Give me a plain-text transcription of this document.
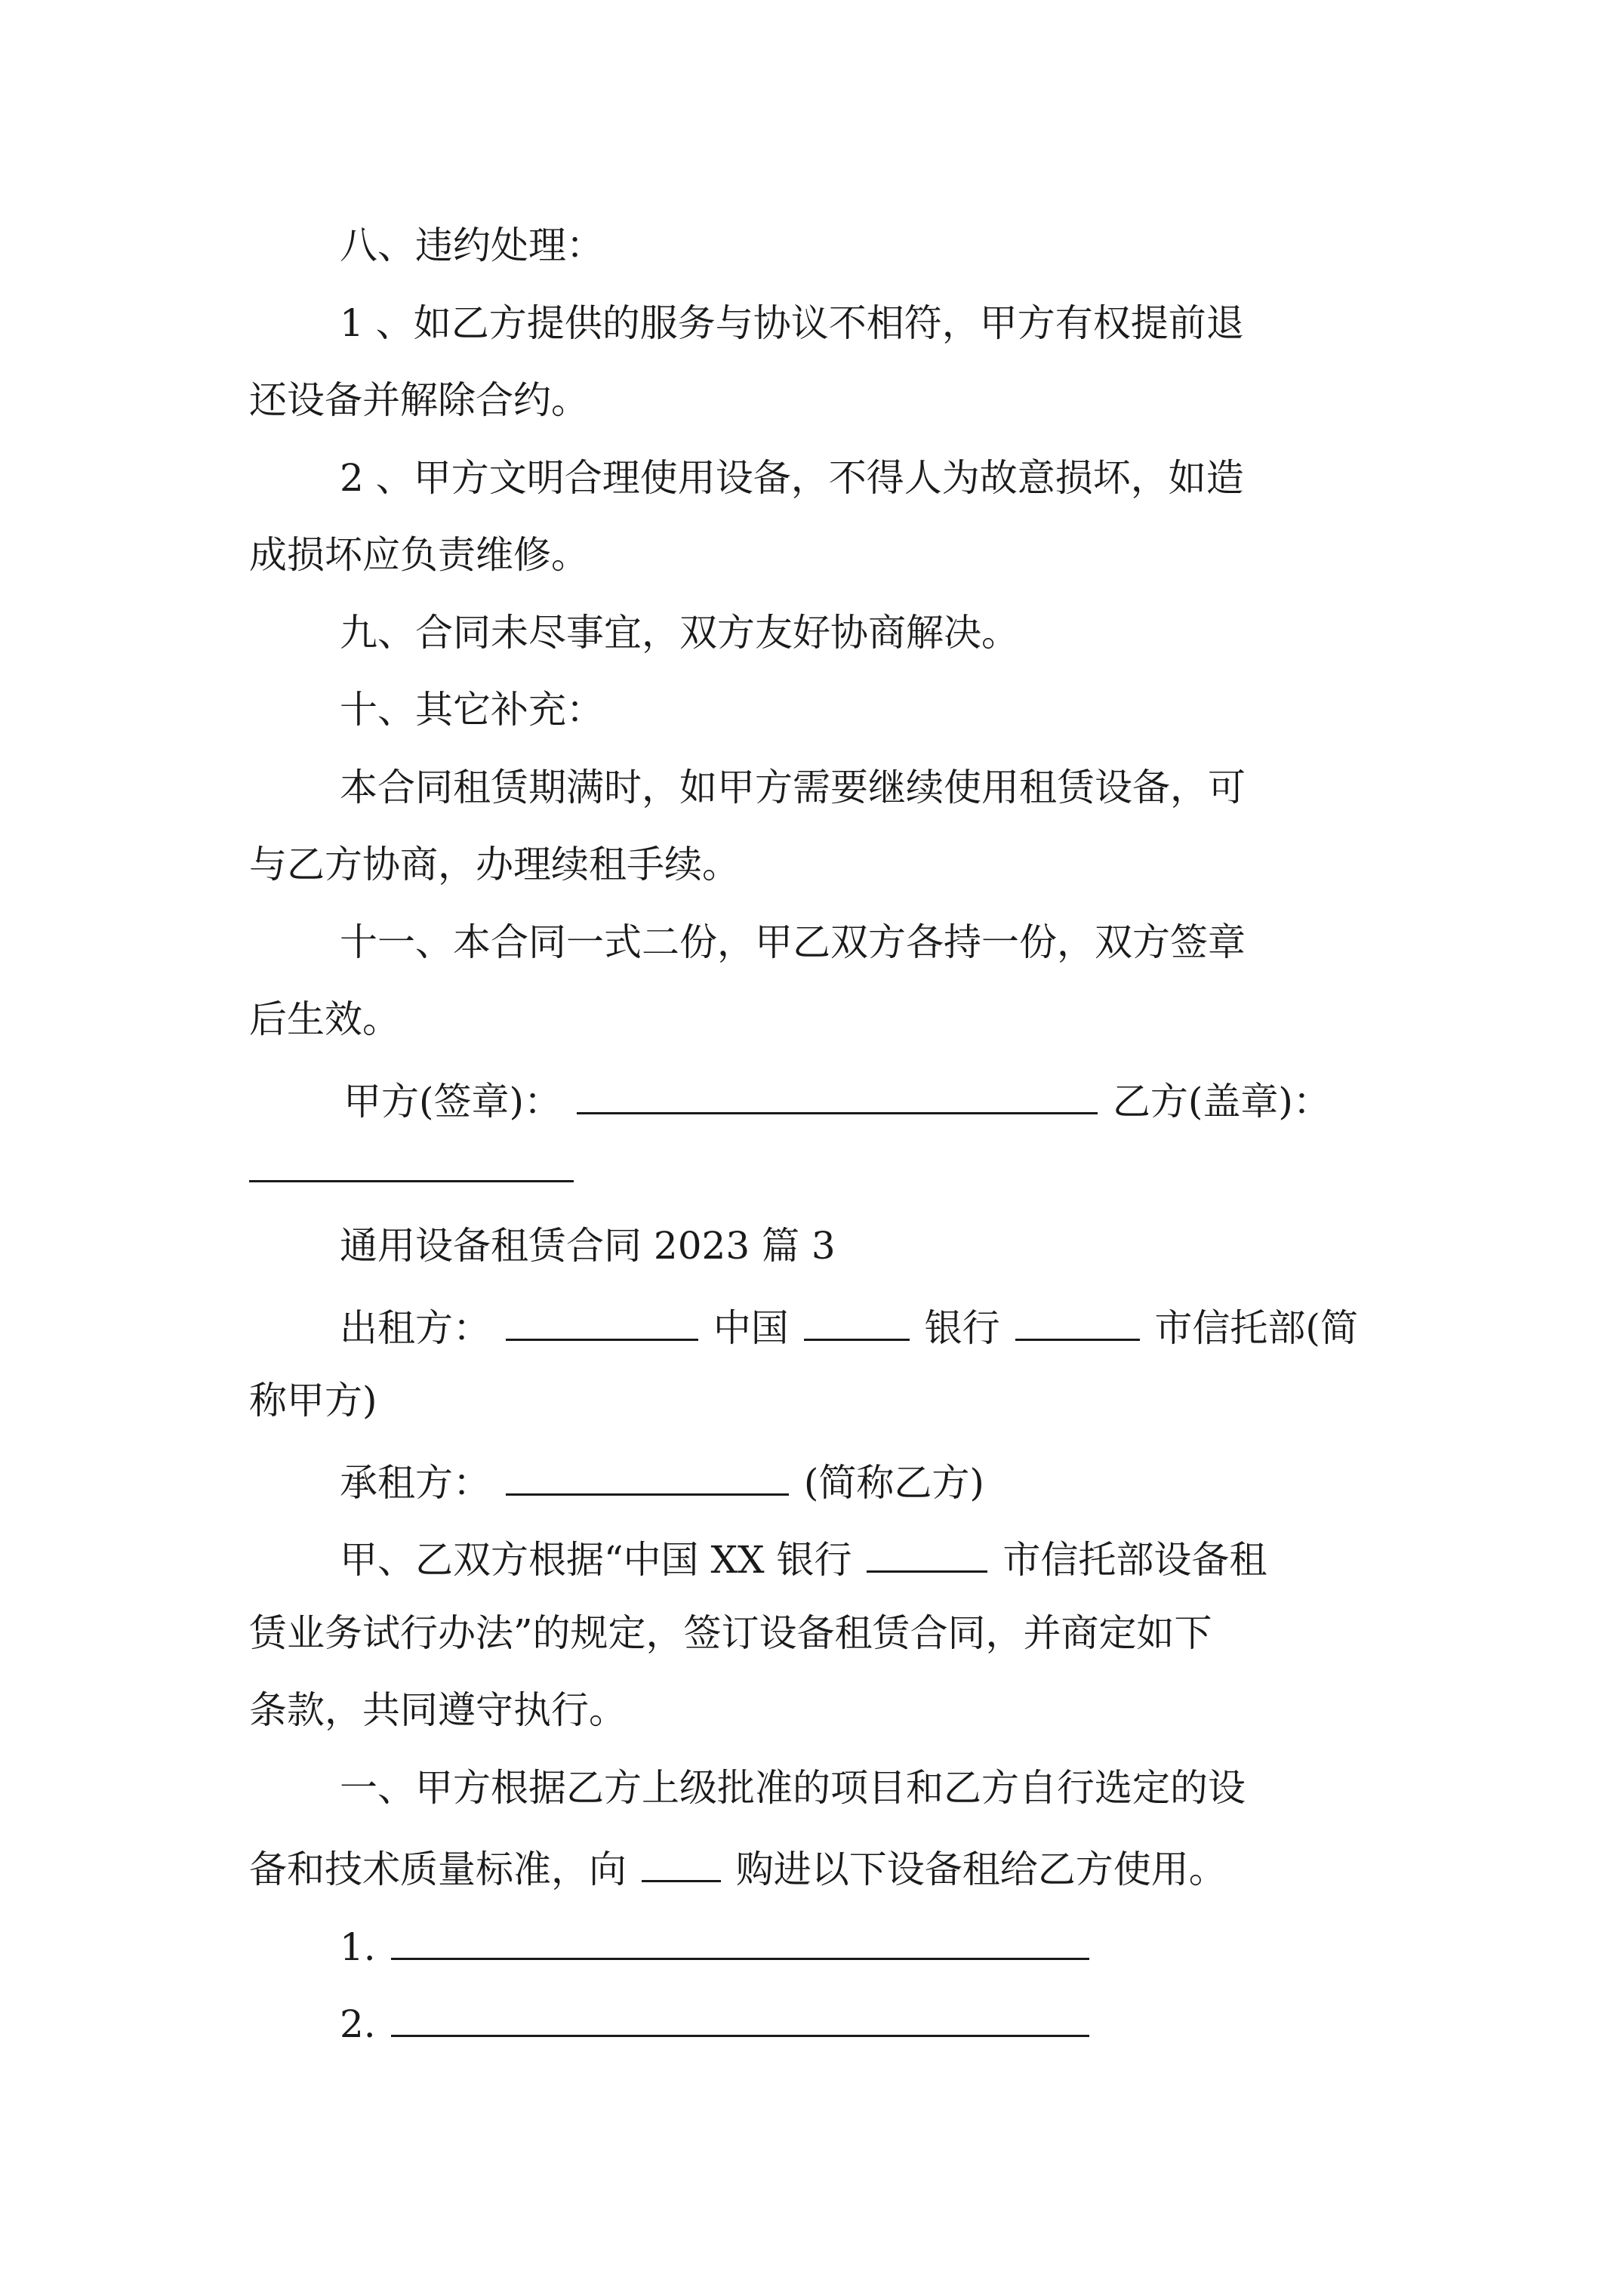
八、违约处理：
1 、如乙方提供的服务与协议不相符，甲方有权提前退
还设备并解除合约。
2 、甲方文明合理使用设备，不得人为故意损坏，如造
成损坏应负责维修。
九、合同未尽事宜，双方友好协商解决。
十、其它补充：
本合同租赁期满时，如甲方需要继续使用租赁设备，可
与乙方协商，办理续租手续。
十一、本合同一式二份，甲乙双方各持一份，双方签章
后生效。
甲方(签章)：	乙方(盖章)：
通用设备租赁合同 2023 篇 3
出租方：	中国	银行	市信托部(简
称甲方)
承租方：	(简称乙方)
甲、乙双方根据“中国 XX 银行	市信托部设备租
赁业务试行办法”的规定，签订设备租赁合同，并商定如下
条款，共同遵守执行。
一、甲方根据乙方上级批准的项目和乙方自行选定的设
备和技术质量标准，向	购进以下设备租给乙方使用。
1.
2.
